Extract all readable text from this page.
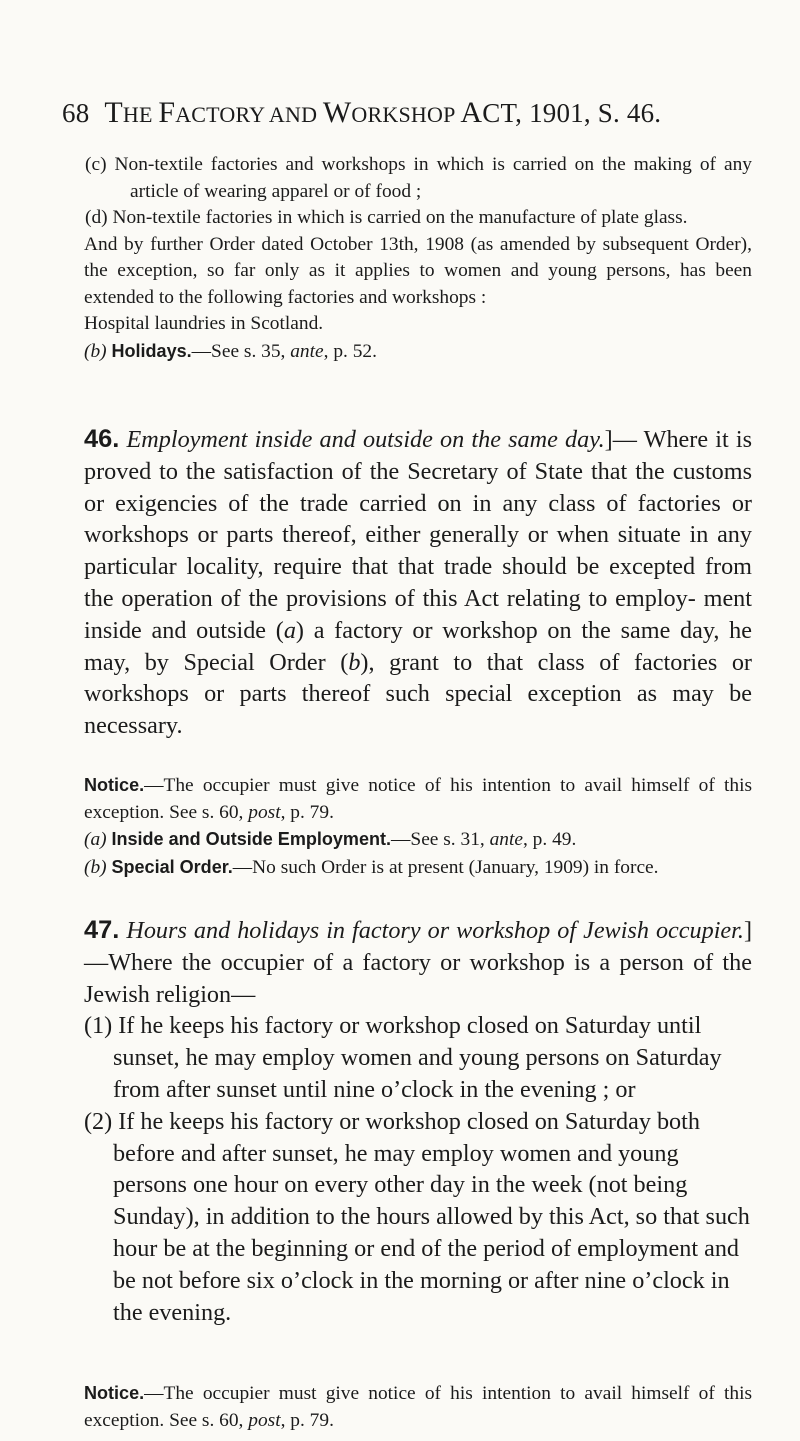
68 THE FACTORY AND WORKSHOP ACT, 1901, S. 46.

(c) Non-textile factories and workshops in which is carried on the making of any article of wearing apparel or of food ;

(d) Non-textile factories in which is carried on the manufacture of plate glass.

And by further Order dated October 13th, 1908 (as amended by subsequent Order), the exception, so far only as it applies to women and young persons, has been extended to the following factories and workshops :

Hospital laundries in Scotland.

(b) Holidays.—See s. 35, ante, p. 52.

46. Employment inside and outside on the same day.]— Where it is proved to the satisfaction of the Secretary of State that the customs or exigencies of the trade carried on in any class of factories or workshops or parts thereof, either generally or when situate in any particular locality, require that that trade should be excepted from the operation of the provisions of this Act relating to employ- ment inside and outside (a) a factory or workshop on the same day, he may, by Special Order (b), grant to that class of factories or workshops or parts thereof such special exception as may be necessary.

Notice.—The occupier must give notice of his intention to avail himself of this exception. See s. 60, post, p. 79.

(a) Inside and Outside Employment.—See s. 31, ante, p. 49.

(b) Special Order.—No such Order is at present (January, 1909) in force.

47. Hours and holidays in factory or workshop of Jewish occupier.]—Where the occupier of a factory or workshop is a person of the Jewish religion—

(1) If he keeps his factory or workshop closed on Saturday until sunset, he may employ women and young persons on Saturday from after sunset until nine o’clock in the evening ; or

(2) If he keeps his factory or workshop closed on Saturday both before and after sunset, he may employ women and young persons one hour on every other day in the week (not being Sunday), in addition to the hours allowed by this Act, so that such hour be at the beginning or end of the period of employment and be not before six o’clock in the morning or after nine o’clock in the evening.

Notice.—The occupier must give notice of his intention to avail himself of this exception. See s. 60, post, p. 79.
